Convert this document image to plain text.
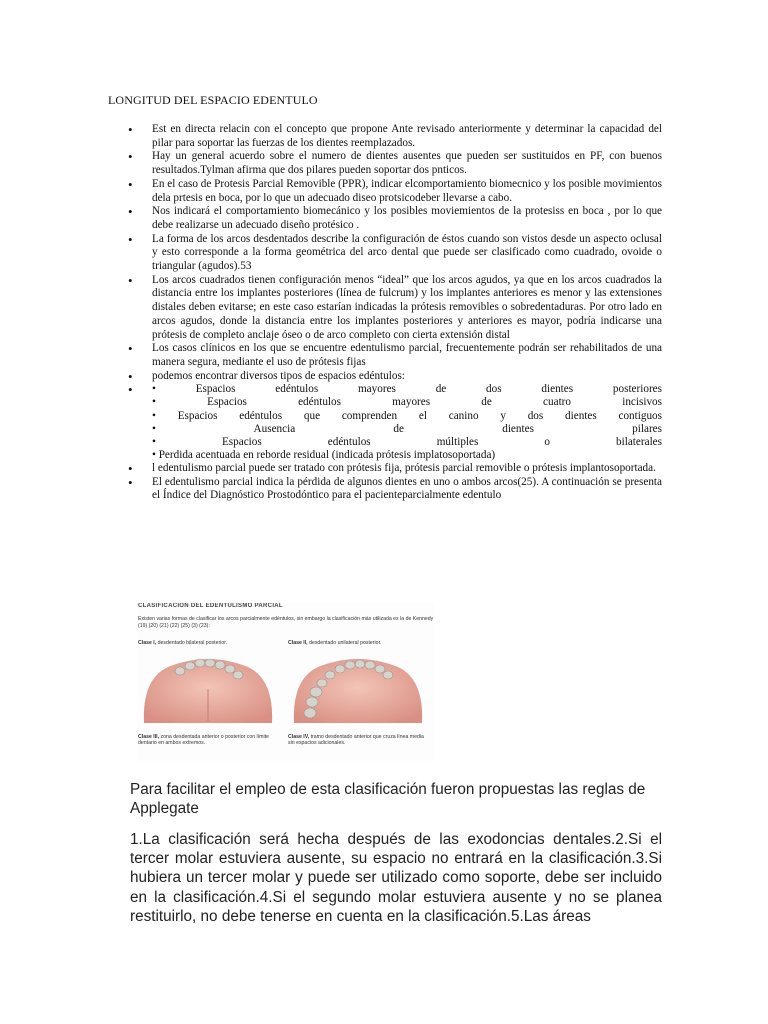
LONGITUD DEL ESPACIO EDENTULO
• Est en directa relacin con el concepto que propone Ante revisado anteriormente y determinar la capacidad del pilar para soportar las fuerzas de los dientes reemplazados.
• Hay un general acuerdo sobre el numero de dientes ausentes que pueden ser sustituidos en PF, con buenos resultados.Tylman afirma que dos pilares pueden soportar dos pnticos.
• En el caso de Protesis Parcial Removible (PPR), indicar elcomportamiento biomecnico y los posible movimientos dela prtesis en boca, por lo que un adecuado diseo protsicodeber llevarse a cabo.
• Nos indicará el comportamiento biomecánico y los posibles moviemientos de la protesiss en boca , por lo que debe realizarse un adecuado diseño protésico .
• La forma de los arcos desdentados describe la configuración de éstos cuando son vistos desde un aspecto oclusal y esto corresponde a la forma geométrica del arco dental que puede ser clasificado como cuadrado, ovoide o triangular (agudos).53
• Los arcos cuadrados tienen configuración menos “ideal” que los arcos agudos, ya que en los arcos cuadrados la distancia entre los implantes posteriores (línea de fulcrum) y los implantes anteriores es menor y las extensiones distales deben evitarse; en este caso estarían indicadas la prótesis removibles o sobredentaduras. Por otro lado en arcos agudos, donde la distancia entre los implantes posteriores y anteriores es mayor, podría indicarse una prótesis de completo anclaje óseo o de arco completo con cierta extensión distal
• Los casos clínicos en los que se encuentre edentulismo parcial, frecuentemente podrán ser rehabilitados de una manera segura, mediante el uso de prótesis fijas
• podemos encontrar diversos tipos de espacios edéntulos:
• • Espacios edéntulos mayores de dos dientes posteriores
• Espacios edéntulos mayores de cuatro incisivos
• Espacios edéntulos que comprenden el canino y dos dientes contiguos
• Ausencia de dientes pilares
• Espacios edéntulos múltiples o bilaterales
• Perdida acentuada en reborde residual (indicada prótesis implatosoportada)
• l edentulismo parcial puede ser tratado con prótesis fija, prótesis parcial removible o prótesis implantosoportada.
• El edentulismo parcial indica la pérdida de algunos dientes en uno o ambos arcos(25). A continuación se presenta el Índice del Diagnóstico Prostodóntico para el pacienteparcialmente edentulo
CLASIFICACIÓN DEL EDENTULISMO PARCIAL
Existen varias formas de clasificar los arcos parcialmente edéntulos, sin embargo la clasificación más utilizada es la de Kennedy (19) (20) (21) (22) (25) (3) (23):
Clase I, desdentado bilateral posterior.	Clase II, desdentado unilateral posterior.
Clase III, zona desdentada anterior o posterior con límite dentario en ambos extremos.
Clase IV, tramo desdentado anterior que cruza línea media sin espacios adicionales.
Para facilitar el empleo de esta clasificación fueron propuestas las reglas de Applegate
1.La clasificación será hecha después de las exodoncias dentales.2.Si el tercer molar estuviera ausente, su espacio no entrará en la clasificación.3.Si hubiera un tercer molar y puede ser utilizado como soporte, debe ser incluido en la clasificación.4.Si el segundo molar estuviera ausente y no se planea restituirlo, no debe tenerse en cuenta en la clasificación.5.Las áreas
